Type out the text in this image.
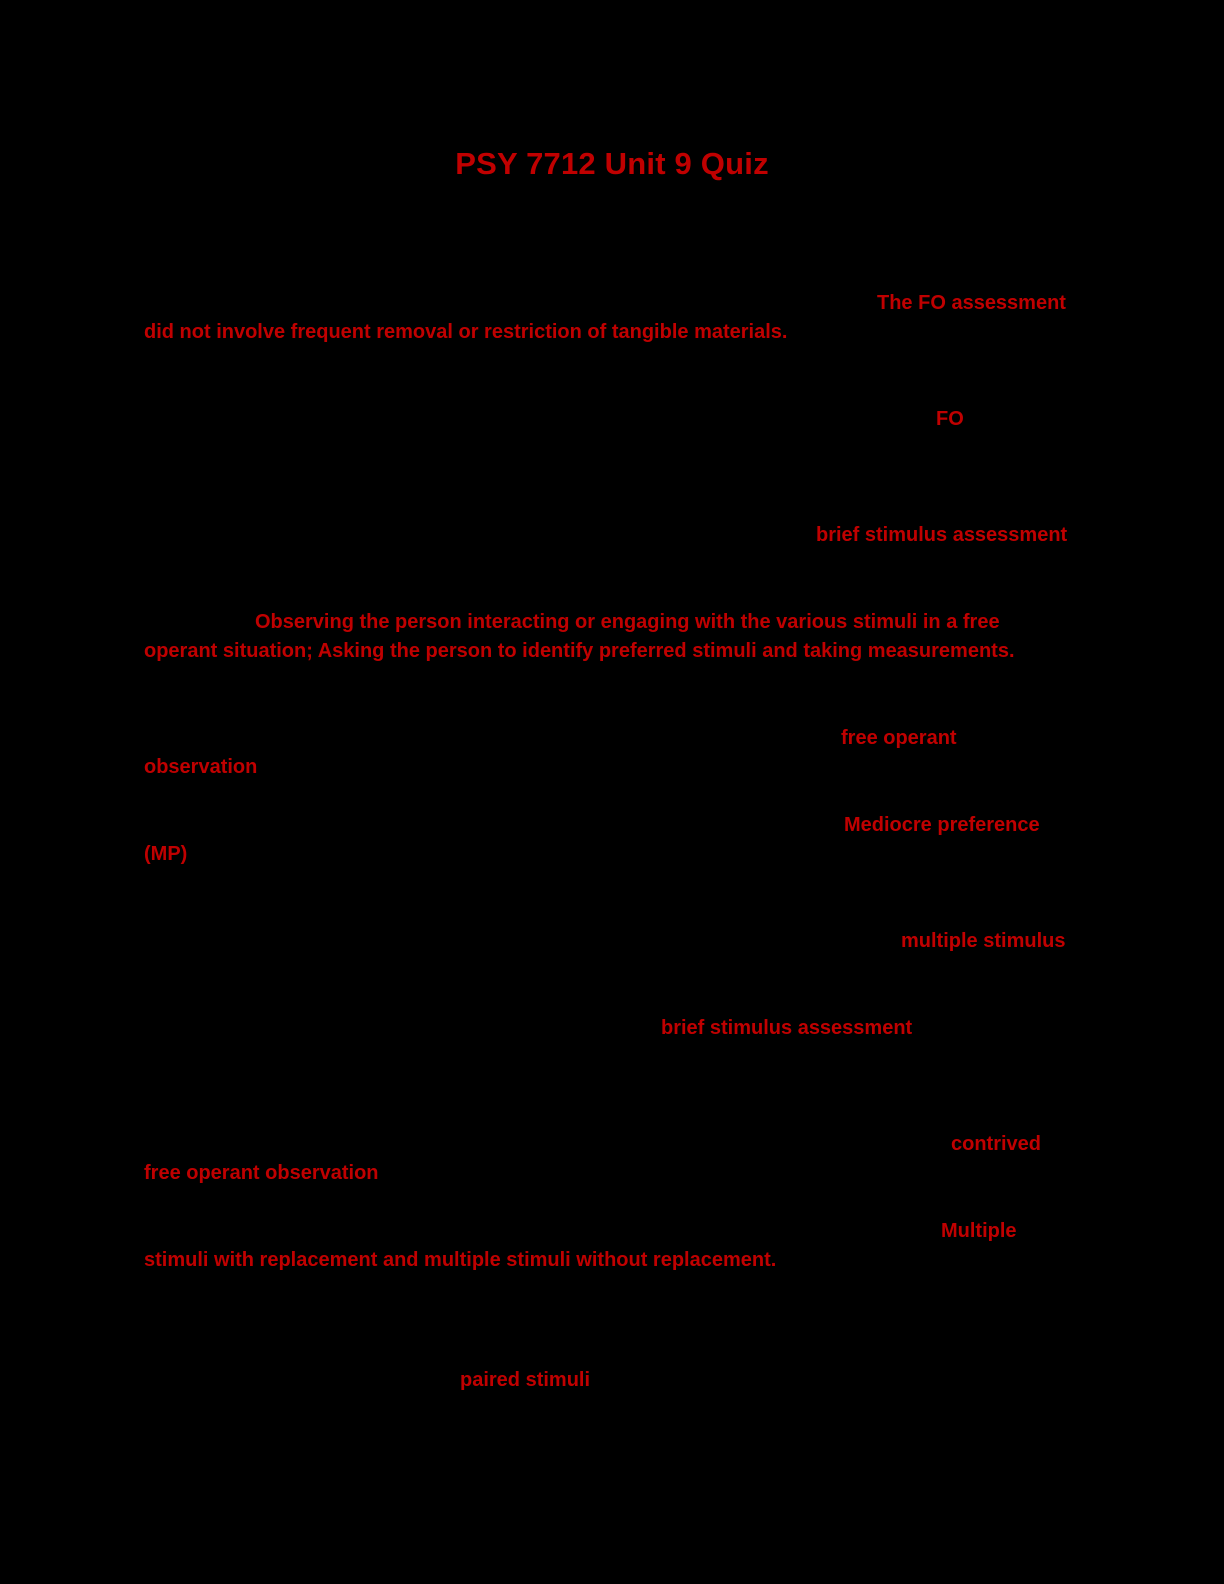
PSY 7712 Unit 9 Quiz
The FO assessment
did not involve frequent removal or restriction of tangible materials.
FO
brief stimulus assessment
Observing the person interacting or engaging with the various stimuli in a free
operant situation; Asking the person to identify preferred stimuli and taking measurements.
free operant
observation
Mediocre preference
(MP)
multiple stimulus
brief stimulus assessment
contrived
free operant observation
Multiple
stimuli with replacement and multiple stimuli without replacement.
paired stimuli
